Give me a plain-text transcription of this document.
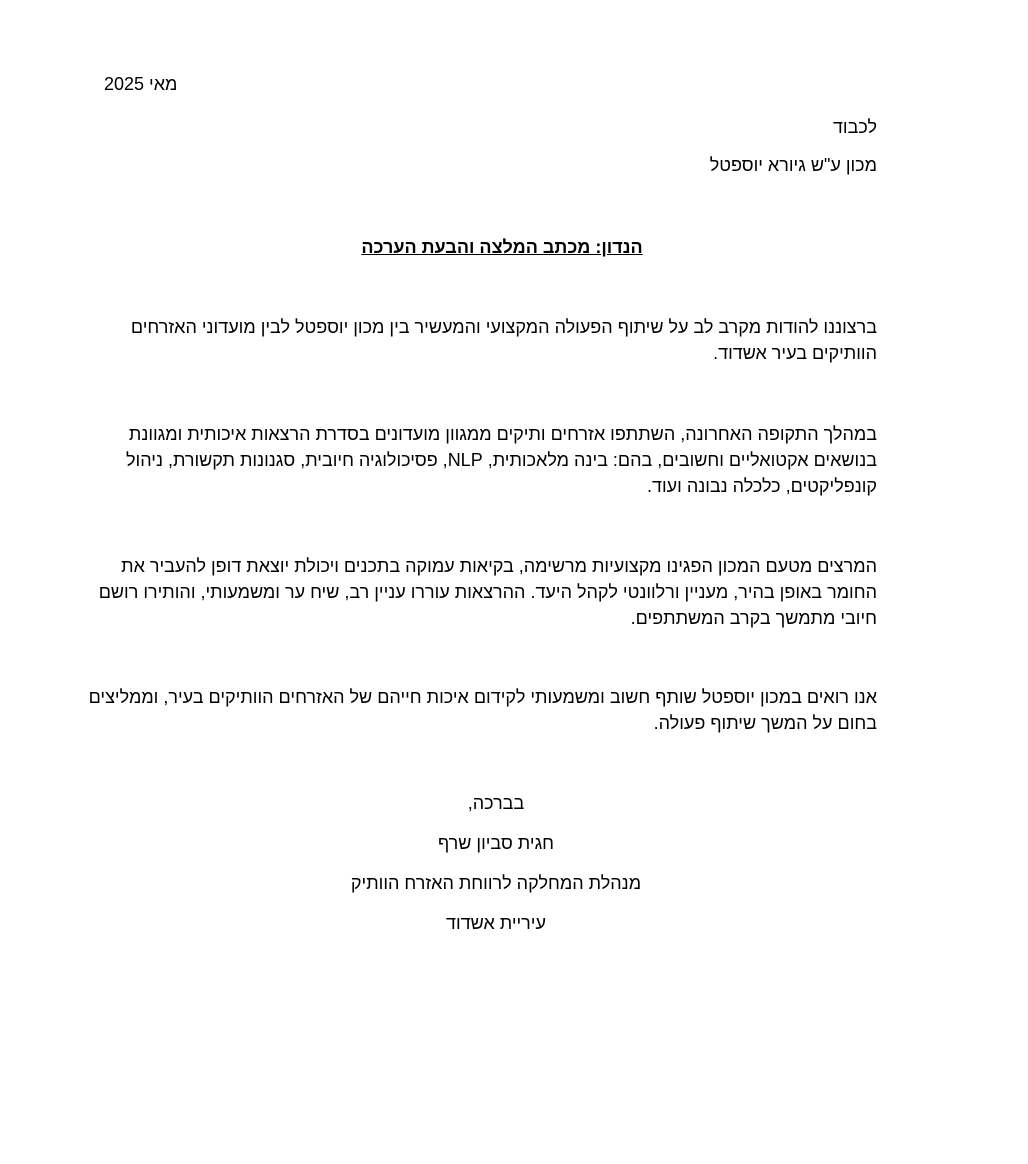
מאי 2025
לכבוד
מכון ע"ש גיורא יוספטל
הנדון: מכתב המלצה והבעת הערכה
ברצוננו להודות מקרב לב על שיתוף הפעולה המקצועי והמעשיר בין מכון יוספטל לבין מועדוני האזרחים הוותיקים בעיר אשדוד.
במהלך התקופה האחרונה, השתתפו אזרחים ותיקים ממגוון מועדונים בסדרת הרצאות איכותית ומגוונת בנושאים אקטואליים וחשובים, בהם: בינה מלאכותית, NLP, פסיכולוגיה חיובית, סגנונות תקשורת, ניהול קונפליקטים, כלכלה נבונה ועוד.
המרצים מטעם המכון הפגינו מקצועיות מרשימה, בקיאות עמוקה בתכנים ויכולת יוצאת דופן להעביר את החומר באופן בהיר, מעניין ורלוונטי לקהל היעד. ההרצאות עוררו עניין רב, שיח ער ומשמעותי, והותירו רושם חיובי מתמשך בקרב המשתתפים.
אנו רואים במכון יוספטל שותף חשוב ומשמעותי לקידום איכות חייהם של האזרחים הוותיקים בעיר, וממליצים בחום על המשך שיתוף פעולה.
בברכה,
חגית סביון שרף
מנהלת המחלקה לרווחת האזרח הוותיק
עיריית אשדוד
